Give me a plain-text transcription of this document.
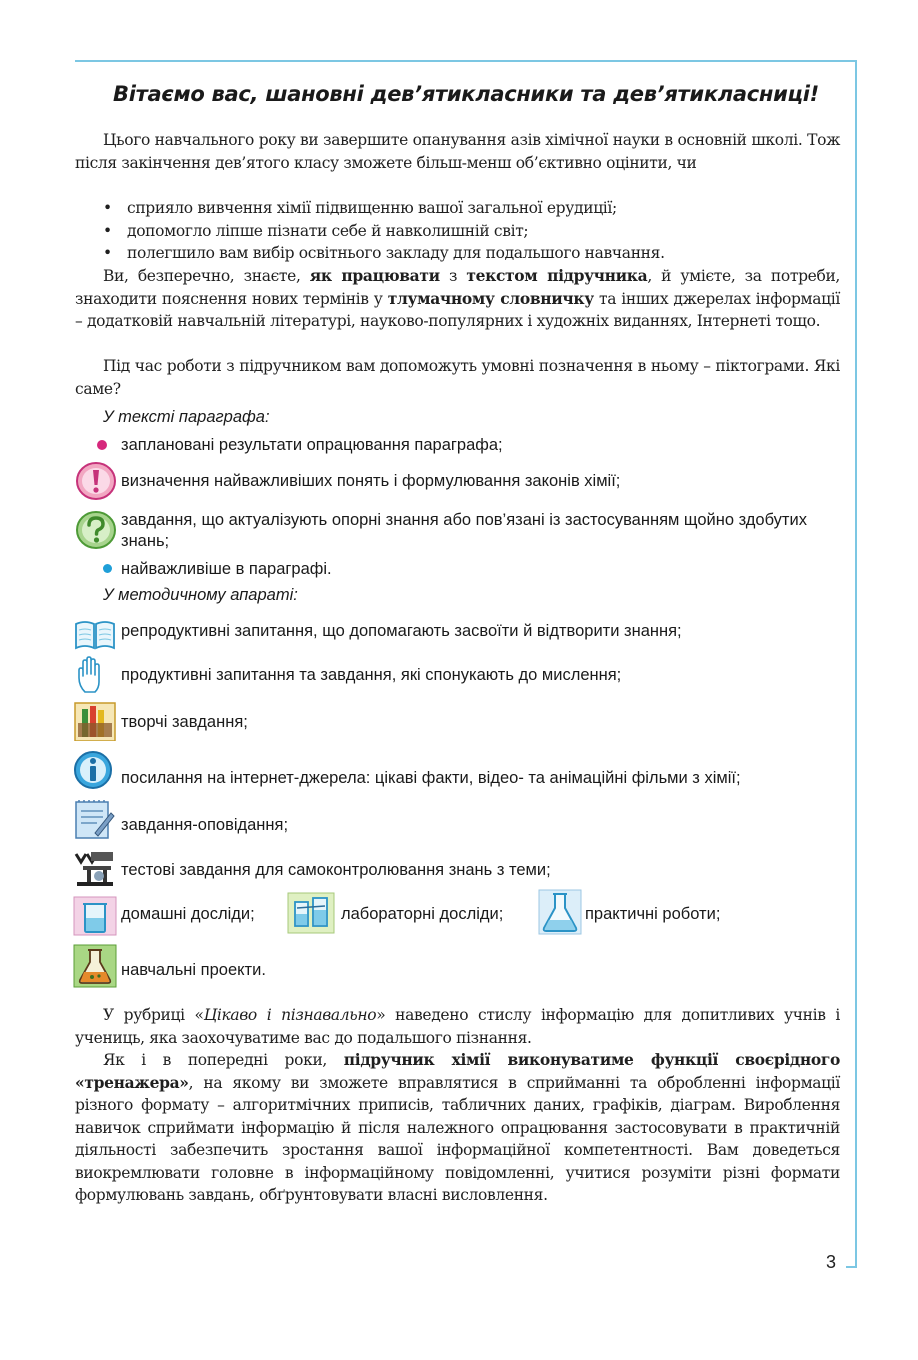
3
Вітаємо вас, шановні дев’ятикласники та дев’ятикласниці!

Цього навчального року ви завершите опанування азів хімічної науки в основній школі. Тож після закінчення дев’ятого класу зможете більш-менш об’єктивно оцінити, чи

• сприяло вивчення хімії підвищенню вашої загальної ерудиції;
• допомогло ліпше пізнати себе й навколишній світ;
• полегшило вам вибір освітнього закладу для подальшого навчання.

Ви, безперечно, знаєте, як працювати з текстом підручника, й умієте, за потреби, знаходити пояснення нових термінів у тлумачному словничку та інших джерелах інформації – додатковій навчальній літературі, науково-популярних і художніх виданнях, Інтернеті тощо.

Під час роботи з підручником вам допоможуть умовні позначення в ньому – піктограми. Які саме?

У тексті параграфа:
заплановані результати опрацювання параграфа;
визначення найважливіших понять і формулювання законів хімії;
завдання, що актуалізують опорні знання або пов’язані із застосуванням щойно здобутих знань;
найважливіше в параграфі.
У методичному апараті:
репродуктивні запитання, що допомагають засвоїти й відтворити знання;
продуктивні запитання та завдання, які спонукають до мислення;
творчі завдання;
посилання на інтернет-джерела: цікаві факти, відео- та анімаційні фільми з хімії;
завдання-оповідання;
тестові завдання для самоконтролювання знань з теми;
домашні досліди;	лабораторні досліди;	практичні роботи;
навчальні проекти.

У рубриці «Цікаво і пізнавально» наведено стислу інформацію для допитливих учнів і учениць, яка заохочуватиме вас до подальшого пізнання.

Як і в попередні роки, підручник хімії виконуватиме функції своєрідного «тренажера», на якому ви зможете вправлятися в сприйманні та обробленні інформації різного формату – алгоритмічних приписів, табличних даних, графіків, діаграм. Вироблення навичок сприймати інформацію й після належного опрацювання застосовувати в практичній діяльності забезпечить зростання вашої інформаційної компетентності. Вам доведеться виокремлювати головне в інформаційному повідомленні, учитися розуміти різні формати формулювань завдань, обґрунтовувати власні висловлення.
